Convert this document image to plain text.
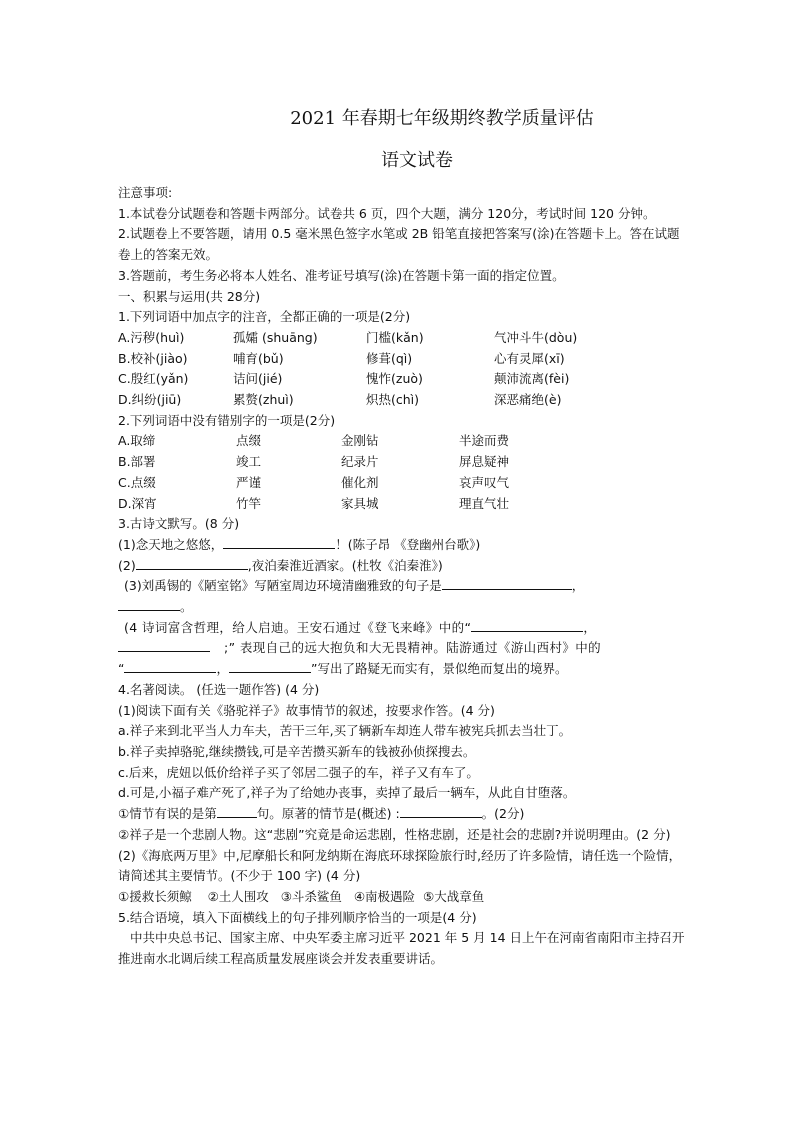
2021 年春期七年级期终教学质量评估
语文试卷
注意事项:
1.本试卷分试题卷和答题卡两部分。试卷共 6 页，四个大题，满分 120分，考试时间 120 分钟。
2.试题卷上不要答题，请用 0.5 毫米黑色签字水笔或 2B 铅笔直接把答案写(涂)在答题卡上。答在试题卷上的答案无效。
3.答题前，考生务必将本人姓名、准考证号填写(涂)在答题卡第一面的指定位置。
一、积累与运用(共 28分)
1.下列词语中加点字的注音，全都正确的一项是(2分)
A.污秽(huì)	孤孀 (shuāng)	门槛(kǎn)	气冲斗牛(dòu)
B.校补(jiào)	哺育(bǔ)	修葺(qì)	心有灵犀(xī)
C.殷红(yǎn)	诘问(jié)	愧怍(zuò)	颠沛流离(fèi)
D.纠纷(jiū)	累赘(zhuì)	炽热(chì)	深恶痛绝(è)
2.下列词语中没有错别字的一项是(2分)
A.取缔	点缀	金刚钻	半途而费
B.部署	竣工	纪录片	屏息疑神
C.点缀	严谨	催化剂	哀声叹气
D.深宵	竹竿	家具城	理直气壮
3.古诗文默写。(8 分)
(1)念天地之悠悠，	！(陈子昂 《登幽州台歌》)
(2)	,夜泊秦淮近酒家。(杜牧《泊秦淮》)
(3)刘禹锡的《陋室铭》写陋室周边环境清幽雅致的句子是	，
。
(4 诗词富含哲理，给人启迪。王安石通过《登飞来峰》中的“	，
;” 表现自己的远大抱负和大无畏精神。陆游通过《游山西村》中的
“	，	”写出了路疑无而实有，景似绝而复出的境界。
4.名著阅读。 (任选一题作答) (4 分)
(1)阅读下面有关《骆驼祥子》故事情节的叙述，按要求作答。(4 分)
a.祥子来到北平当人力车夫，苦干三年,买了辆新车却连人带车被宪兵抓去当壮丁。
b.祥子卖掉骆驼,继续攒钱,可是辛苦攒买新车的钱被孙侦探搜去。
c.后来，虎妞以低价给祥子买了邻居二强子的车，祥子又有车了。
d.可是,小福子难产死了,祥子为了给她办丧事，卖掉了最后一辆车，从此自甘堕落。
①情节有误的是第	句。原著的情节是(概述) :	。(2分)
②祥子是一个悲剧人物。这“悲剧”究竟是命运悲剧，性格悲剧，还是社会的悲剧?并说明理由。(2 分)
(2)《海底两万里》中,尼摩船长和阿龙纳斯在海底环球探险旅行时,经历了许多险情，请任选一个险情，请简述其主要情节。(不少于 100 字) (4 分)
①援救长须鲸    ②土人围攻   ③斗杀鲨鱼   ④南极遇险  ⑤大战章鱼
5.结合语境，填入下面横线上的句子排列顺序恰当的一项是(4 分)
中共中央总书记、国家主席、中央军委主席习近平 2021 年 5 月 14 日上午在河南省南阳市主持召开推进南水北调后续工程高质量发展座谈会并发表重要讲话。
